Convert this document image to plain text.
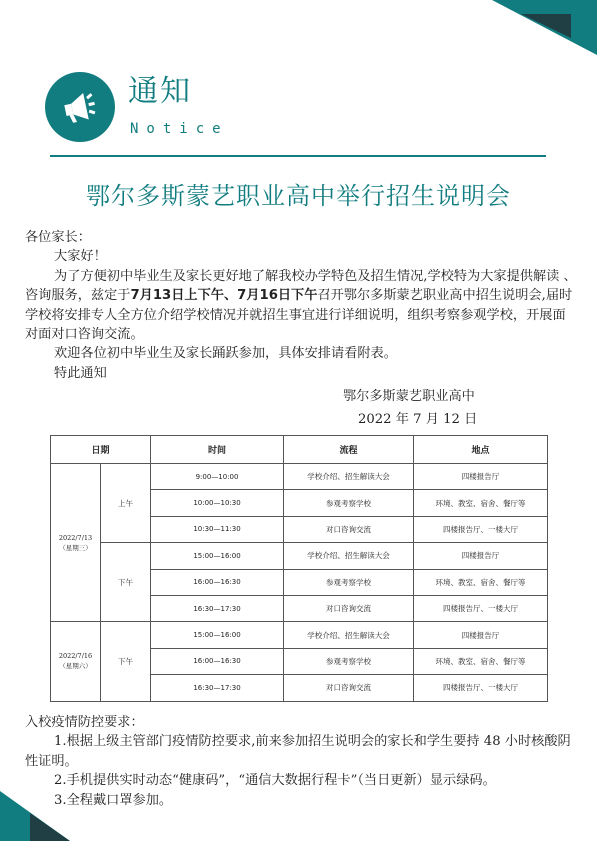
通知
Notice
鄂尔多斯蒙艺职业高中举行招生说明会

各位家长：

大家好！

为了方便初中毕业生及家长更好地了解我校办学特色及招生情况,学校特为大家提供解读 、咨询服务，兹定于7月13日上下午、7月16日下午召开鄂尔多斯蒙艺职业高中招生说明会,届时学校将安排专人全方位介绍学校情况并就招生事宜进行详细说明，组织考察参观学校，开展面对面对口咨询交流。

欢迎各位初中毕业生及家长踊跃参加，具体安排请看附表。

特此通知

鄂尔多斯蒙艺职业高中
2022 年 7 月 12 日
日期		时间	流程	地点
2022/7/13
（星期三）	上午	9:00—10:00	学校介绍、招生解读大会	四楼报告厅
		10:00—10:30	参观考察学校	环境、教室、宿舍、餐厅等
		10:30—11:30	对口咨询交流	四楼报告厅、一楼大厅
	下午	15:00—16:00	学校介绍、招生解读大会	四楼报告厅
		16:00—16:30	参观考察学校	环境、教室、宿舍、餐厅等
		16:30—17:30	对口咨询交流	四楼报告厅、一楼大厅
2022/7/16
（星期六）	下午	15:00—16:00	学校介绍、招生解读大会	四楼报告厅
		16:00—16:30	参观考察学校	环境、教室、宿舍、餐厅等
		16:30—17:30	对口咨询交流	四楼报告厅、一楼大厅

入校疫情防控要求：

1.根据上级主管部门疫情防控要求,前来参加招生说明会的家长和学生要持 48 小时核酸阴性证明。

2.手机提供实时动态“健康码”，“通信大数据行程卡”（当日更新）显示绿码。

3.全程戴口罩参加。
